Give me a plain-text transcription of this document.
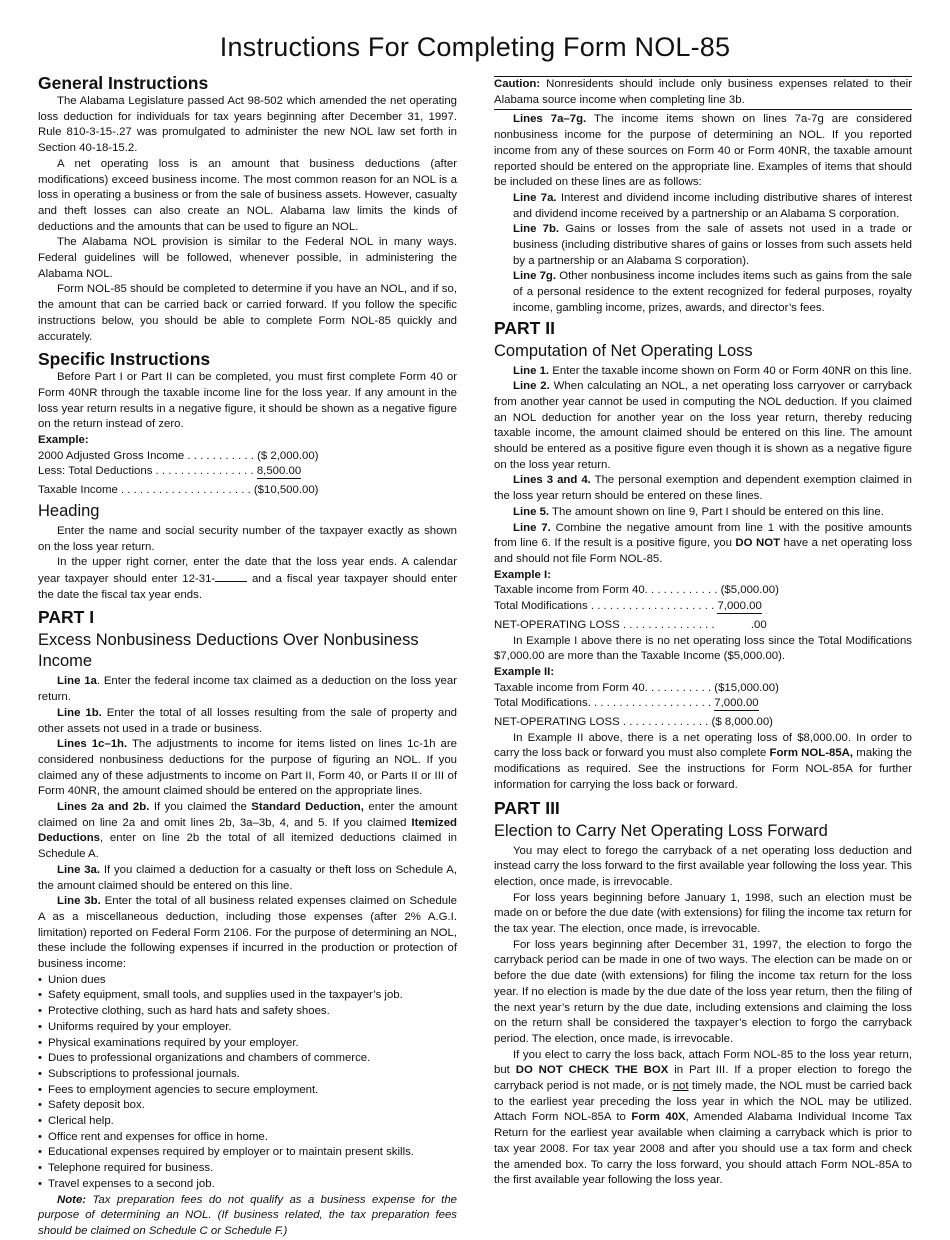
Instructions For Completing Form NOL-85
General Instructions

The Alabama Legislature passed Act 98-502 which amended the net operating loss deduction for individuals for tax years beginning after December 31, 1997. Rule 810-3-15-.27 was promulgated to administer the new NOL law set forth in Section 40-18-15.2.

A net operating loss is an amount that business deductions (after modifications) exceed business income. The most common reason for an NOL is a loss in operating a business or from the sale of business assets. However, casualty and theft losses can also create an NOL. Alabama law limits the kinds of deductions and the amounts that can be used to figure an NOL.

The Alabama NOL provision is similar to the Federal NOL in many ways. Federal guidelines will be followed, whenever possible, in administering the Alabama NOL.

Form NOL-85 should be completed to determine if you have an NOL, and if so, the amount that can be carried back or carried forward. If you follow the specific instructions below, you should be able to complete Form NOL-85 quickly and accurately.

Specific Instructions

Before Part I or Part II can be completed, you must first complete Form 40 or Form 40NR through the taxable income line for the loss year. If any amount in the loss year return results in a negative figure, it should be shown as a negative figure on the return instead of zero.

Example:
2000 Adjusted Gross Income . . . . . . . . . . . ($ 2,000.00)
Less: Total Deductions . . . . . . . . . . . . . . . . 8,500.00
Taxable Income . . . . . . . . . . . . . . . . . . . . . ($10,500.00)
Heading

Enter the name and social security number of the taxpayer exactly as shown on the loss year return.

In the upper right corner, enter the date that the loss year ends. A calendar year taxpayer should enter 12-31-	and a fiscal year taxpayer should enter the date the fiscal tax year ends.

PART I
Excess Nonbusiness Deductions Over Nonbusiness Income

Line 1a. Enter the federal income tax claimed as a deduction on the loss year return.

Line 1b. Enter the total of all losses resulting from the sale of property and other assets not used in a trade or business.

Lines 1c–1h. The adjustments to income for items listed on lines 1c-1h are considered nonbusiness deductions for the purpose of figuring an NOL. If you claimed any of these adjustments to income on Part II, Form 40, or Parts II or III of Form 40NR, the amount claimed should be entered on the appropriate lines.

Lines 2a and 2b. If you claimed the Standard Deduction, enter the amount claimed on line 2a and omit lines 2b, 3a–3b, 4, and 5. If you claimed Itemized Deductions, enter on line 2b the total of all itemized deductions claimed in Schedule A.

Line 3a. If you claimed a deduction for a casualty or theft loss on Schedule A, the amount claimed should be entered on this line.

Line 3b. Enter the total of all business related expenses claimed on Schedule A as a miscellaneous deduction, including those expenses (after 2% A.G.I. limitation) reported on Federal Form 2106. For the purpose of determining an NOL, these include the following expenses if incurred in the production or protection of business income:

• Union dues
• Safety equipment, small tools, and supplies used in the taxpayer’s job.
• Protective clothing, such as hard hats and safety shoes.
• Uniforms required by your employer.
• Physical examinations required by your employer.
• Dues to professional organizations and chambers of commerce.
• Subscriptions to professional journals.
• Fees to employment agencies to secure employment.
• Safety deposit box.
• Clerical help.
• Office rent and expenses for office in home.
• Educational expenses required by employer or to maintain present skills.
• Telephone required for business.
• Travel expenses to a second job.

Note: Tax preparation fees do not qualify as a business expense for the purpose of determining an NOL. (If business related, the tax preparation fees should be claimed on Schedule C or Schedule F.)

Caution: Nonresidents should include only business expenses related to their Alabama source income when completing line 3b.

Lines 7a–7g. The income items shown on lines 7a-7g are considered nonbusiness income for the purpose of determining an NOL. If you reported income from any of these sources on Form 40 or Form 40NR, the taxable amount reported should be entered on the appropriate line. Examples of items that should be included on these lines are as follows:

Line 7a. Interest and dividend income including distributive shares of interest and dividend income received by a partnership or an Alabama S corporation.

Line 7b. Gains or losses from the sale of assets not used in a trade or business (including distributive shares of gains or losses from such assets held by a partnership or an Alabama S corporation).

Line 7g. Other nonbusiness income includes items such as gains from the sale of a personal residence to the extent recognized for federal purposes, royalty income, gambling income, prizes, awards, and director’s fees.

PART II
Computation of Net Operating Loss

Line 1. Enter the taxable income shown on Form 40 or Form 40NR on this line.

Line 2. When calculating an NOL, a net operating loss carryover or carryback from another year cannot be used in computing the NOL deduction. If you claimed an NOL deduction for another year on the loss year return, thereby reducing taxable income, the amount claimed should be entered on this line. The amount should be entered as a positive figure even though it is shown as a negative figure on the loss year return.

Lines 3 and 4. The personal exemption and dependent exemption claimed in the loss year return should be entered on these lines.

Line 5. The amount shown on line 9, Part I should be entered on this line.

Line 7. Combine the negative amount from line 1 with the positive amounts from line 6. If the result is a positive figure, you DO NOT have a net operating loss and should not file Form NOL-85.

Example I:
Taxable income from Form 40. . . . . . . . . . . . ($5,000.00)
Total Modifications . . . . . . . . . . . . . . . . . . . . 7,000.00
NET-OPERATING LOSS . . . . . . . . . . . . . . .	.00

In Example I above there is no net operating loss since the Total Modifications $7,000.00 are more than the Taxable Income ($5,000.00).

Example II:
Taxable income from Form 40. . . . . . . . . . . ($15,000.00)
Total Modifications. . . . . . . . . . . . . . . . . . . . 7,000.00
NET-OPERATING LOSS . . . . . . . . . . . . . . ($ 8,000.00)

In Example II above, there is a net operating loss of $8,000.00. In order to carry the loss back or forward you must also complete Form NOL-85A, making the modifications as required. See the instructions for Form NOL-85A for further information for carrying the loss back or forward.

PART III
Election to Carry Net Operating Loss Forward

You may elect to forego the carryback of a net operating loss deduction and instead carry the loss forward to the first available year following the loss year. This election, once made, is irrevocable.

For loss years beginning before January 1, 1998, such an election must be made on or before the due date (with extensions) for filing the income tax return for the tax year. The election, once made, is irrevocable.

For loss years beginning after December 31, 1997, the election to forgo the carryback period can be made in one of two ways. The election can be made on or before the due date (with extensions) for filing the income tax return for the loss year. If no election is made by the due date of the loss year return, then the filing of the next year’s return by the due date, including extensions and claiming the loss on the return shall be considered the taxpayer’s election to forgo the carryback period. The election, once made, is irrevocable.

If you elect to carry the loss back, attach Form NOL-85 to the loss year return, but DO NOT CHECK THE BOX in Part III. If a proper election to forego the carryback period is not made, or is not timely made, the NOL must be carried back to the earliest year preceding the loss year in which the NOL may be utilized. Attach Form NOL-85A to Form 40X, Amended Alabama Individual Income Tax Return for the earliest year available when claiming a carryback which is prior to tax year 2008. For tax year 2008 and after you should use a tax form and check the amended box. To carry the loss forward, you should attach Form NOL-85A to the first available year following the loss year.
